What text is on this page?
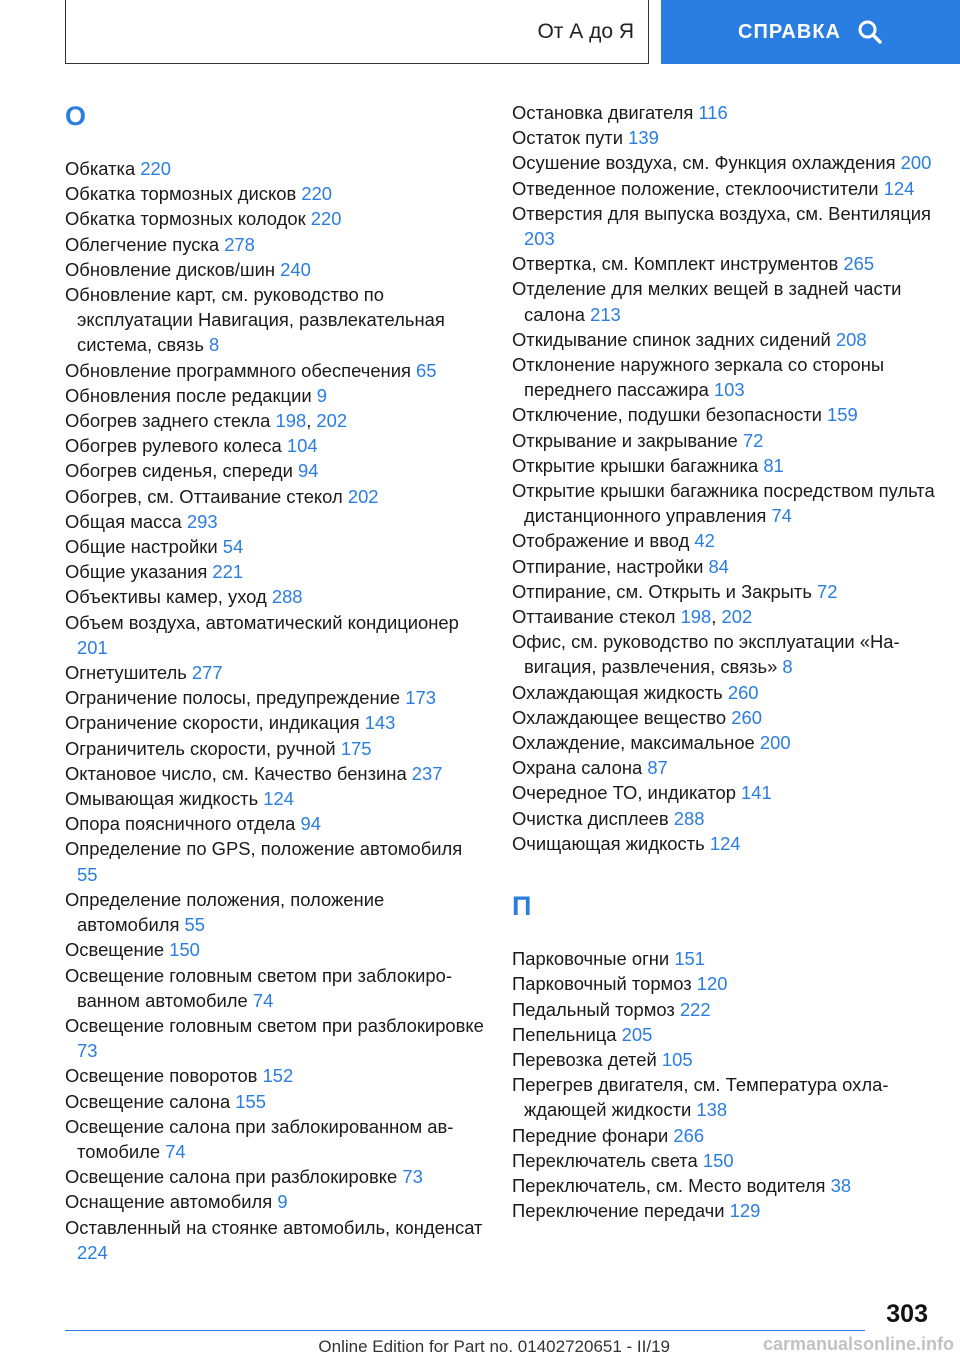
От А до Я	СПРАВКА
О

Обкатка 220

Обкатка тормозных дисков 220

Обкатка тормозных колодок 220

Облегчение пуска 278

Обновление дисков/шин 240

Обновление карт, см. руководство по эксплуатации Навигация, развлекательная система, связь 8

Обновление программного обеспечения 65

Обновления после редакции 9

Обогрев заднего стекла 198, 202

Обогрев рулевого колеса 104

Обогрев сиденья, спереди 94

Обогрев, см. Оттаивание стекол 202

Общая масса 293

Общие настройки 54

Общие указания 221

Объективы камер, уход 288

Объем воздуха, автоматический кондиционер 201

Огнетушитель 277

Ограничение полосы, предупреждение 173

Ограничение скорости, индикация 143

Ограничитель скорости, ручной 175

Октановое число, см. Качество бензина 237

Омывающая жидкость 124

Опора поясничного отдела 94

Определение по GPS, положение автомобиля 55

Определение положения, положение автомобиля 55

Освещение 150

Освещение головным светом при заблокированном автомобиле 74

Освещение головным светом при разблокировке 73

Освещение поворотов 152

Освещение салона 155

Освещение салона при заблокированном автомобиле 74

Освещение салона при разблокировке 73

Оснащение автомобиля 9

Оставленный на стоянке автомобиль, конденсат 224

Остановка двигателя 116

Остаток пути 139

Осушение воздуха, см. Функция охлаждения 200

Отведенное положение, стеклоочистители 124

Отверстия для выпуска воздуха, см. Вентиляция 203

Отвертка, см. Комплект инструментов 265

Отделение для мелких вещей в задней части салона 213

Откидывание спинок задних сидений 208

Отклонение наружного зеркала со стороны переднего пассажира 103

Отключение, подушки безопасности 159

Открывание и закрывание 72

Открытие крышки багажника 81

Открытие крышки багажника посредством пульта дистанционного управления 74

Отображение и ввод 42

Отпирание, настройки 84

Отпирание, см. Открыть и Закрыть 72

Оттаивание стекол 198, 202

Офис, см. руководство по эксплуатации «Навигация, развлечения, связь» 8

Охлаждающая жидкость 260

Охлаждающее вещество 260

Охлаждение, максимальное 200

Охрана салона 87

Очередное ТО, индикатор 141

Очистка дисплеев 288

Очищающая жидкость 124

П

Парковочные огни 151

Парковочный тормоз 120

Педальный тормоз 222

Пепельница 205

Перевозка детей 105

Перегрев двигателя, см. Температура охлаждающей жидкости 138

Передние фонари 266

Переключатель света 150

Переключатель, см. Место водителя 38

Переключение передачи 129

303
Online Edition for Part no. 01402720651 - II/19	carmanualsonline.info
